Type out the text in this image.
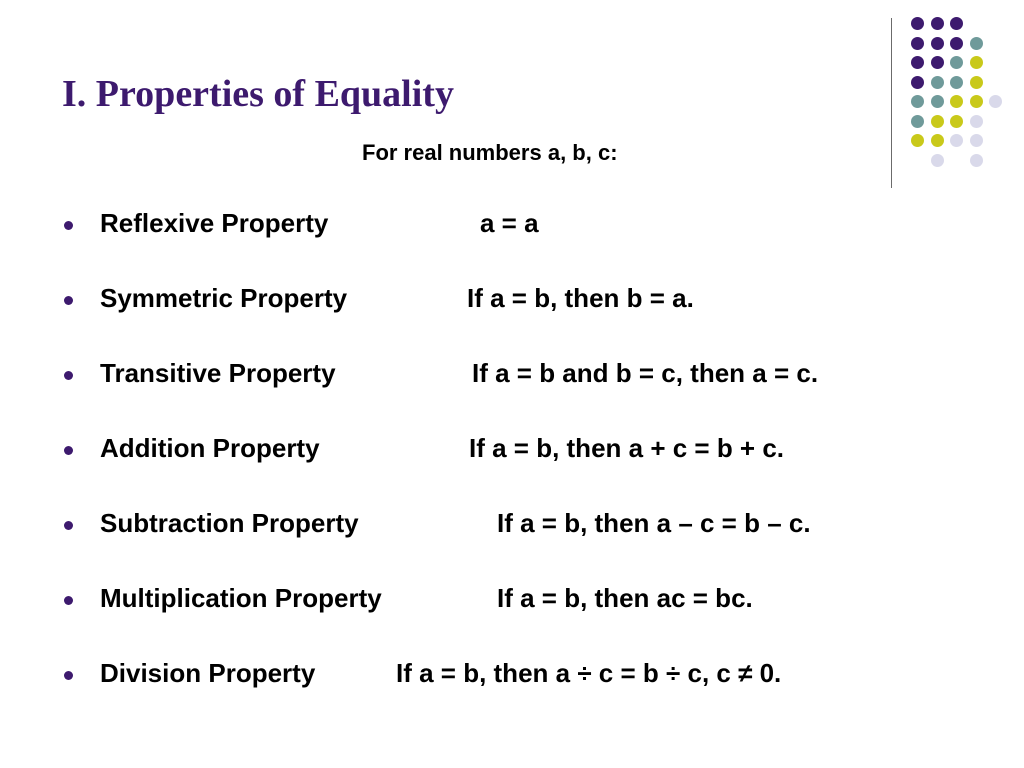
I. Properties of Equality
For real numbers a, b, c:
Reflexive Property	a = a
Symmetric Property	If a = b, then b = a.
Transitive Property	If a = b and b = c, then a = c.
Addition Property	If a = b, then a + c = b + c.
Subtraction Property	If a = b, then a – c = b – c.
Multiplication Property	If a = b, then ac = bc.
Division Property	If a = b, then a ÷ c = b ÷ c, c ≠ 0.
